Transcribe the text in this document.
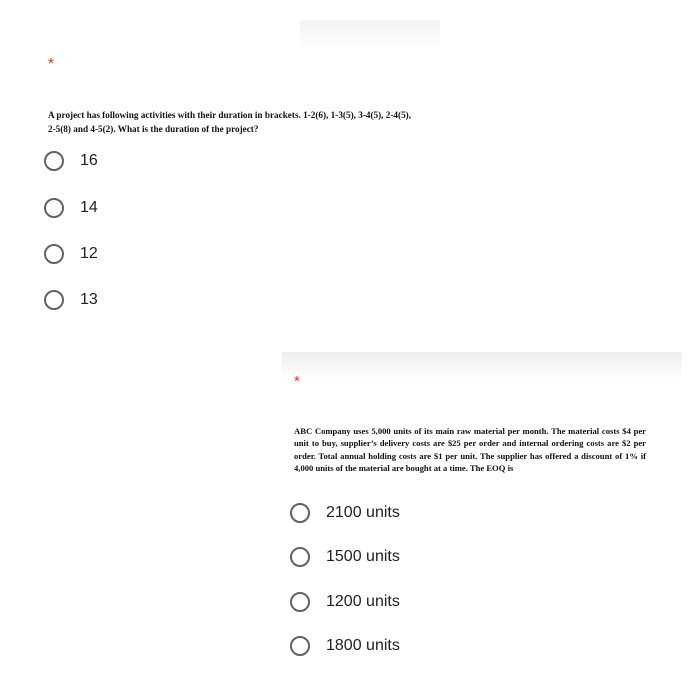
*
A project has following activities with their duration in brackets. 1-2(6), 1-3(5), 3-4(5), 2-4(5), 2-5(8) and 4-5(2). What is the duration of the project?
16
14
12
13
*
ABC Company uses 5,000 units of its main raw material per month. The material costs $4 per unit to buy, supplier’s delivery costs are $25 per order and internal ordering costs are $2 per order. Total annual holding costs are $1 per unit. The supplier has offered a discount of 1% if 4,000 units of the material are bought at a time. The EOQ is
2100 units
1500 units
1200 units
1800 units
